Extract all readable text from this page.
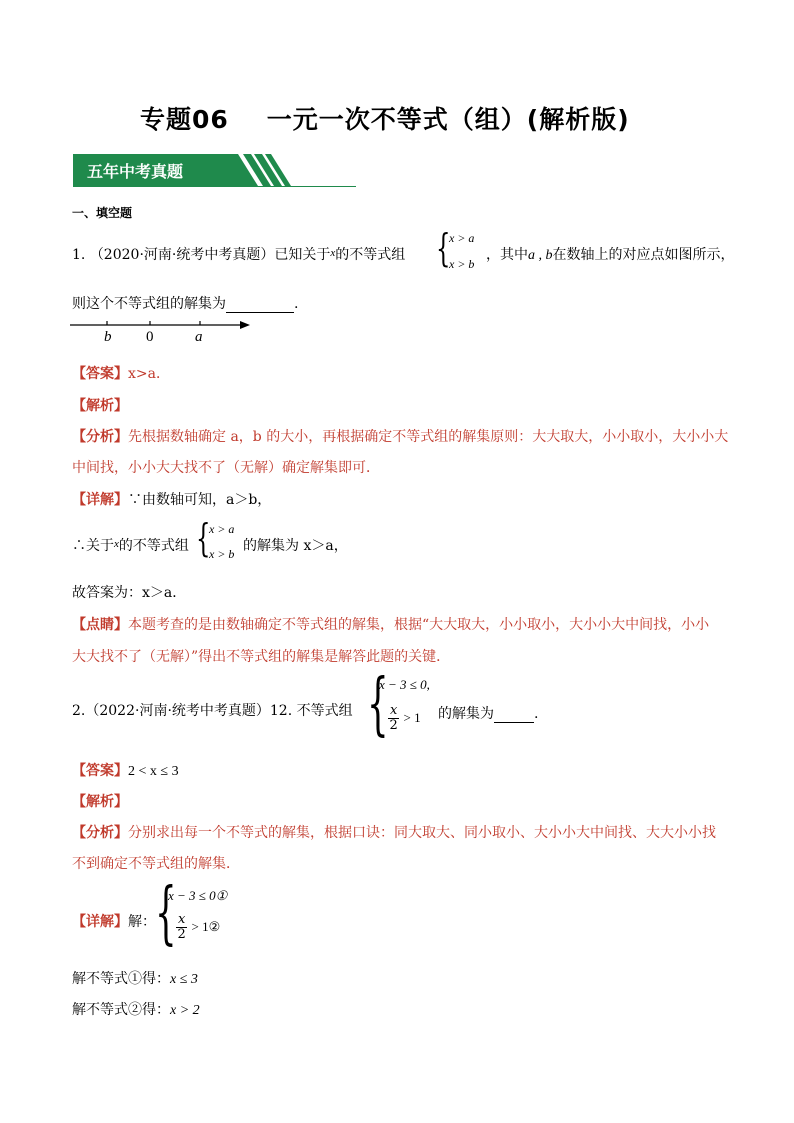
专题06 一元一次不等式（组）(解析版)
五年中考真题
一、填空题
1. （2020·河南·统考中考真题）已知关于$^x$的不等式组 {
x > a
x > b
，其中a , b在数轴上的对应点如图所示，
则这个不等式组的解集为	.
b 0	a
【答案】x>a．
【解析】
【分析】先根据数轴确定 a，b 的大小，再根据确定不等式组的解集原则：大大取大，小小取小，大小小大
中间找，小小大大找不了（无解）确定解集即可．
【详解】∵由数轴可知，a＞b，
∴关于$^x$的不等式组 {
x > a
x > b 的解集为 x＞a，
故答案为：x＞a．
【点睛】本题考查的是由数轴确定不等式组的解集，根据“大大取大，小小取小，大小小大中间找，小小
大大找不了（无解）”得出不等式组的解集是解答此题的关键．
2.（2022·河南·统考中考真题）12. 不等式组 {
x − 3 ≤ 0,
$\frac{x}{2} > 1$ 的解集为	.
【答案】2 < x ≤ 3
【解析】
【分析】分别求出每一个不等式的解集，根据口诀：同大取大、同小取小、大小小大中间找、大大小小找
不到确定不等式组的解集．
【详解】解： {
x − 3 ≤ 0①
$\frac{x}{2}$ > 1②
解不等式①得：x ≤ 3
解不等式②得：x > 2
